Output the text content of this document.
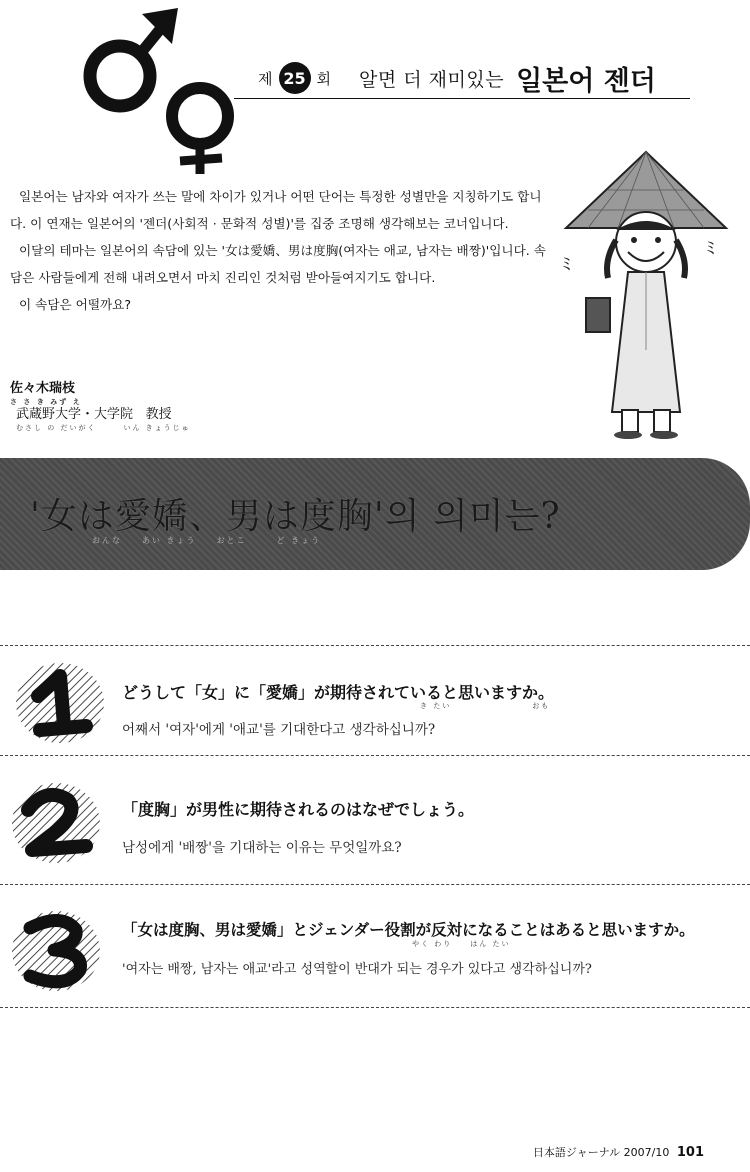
제 25 회 알면 더 재미있는 일본어 젠더

일본어는 남자와 여자가 쓰는 말에 차이가 있거나 어떤 단어는 특정한 성별만을 지칭하기도 합니다. 이 연재는 일본어의 '젠더(사회적 · 문화적 성별)'를 집중 조명해 생각해보는 코너입니다.

이달의 테마는 일본어의 속담에 있는 '女は愛嬌、男は度胸(여자는 애교, 남자는 배짱)'입니다. 속담은 사람들에게 전해 내려오면서 마치 진리인 것처럼 받아들여지기도 합니다.

이 속담은 어떨까요?

佐々木瑞枝
さ さ き みず え
武蔵野大学・大学院
むさし の だいがく　　　いん
教授
きょうじゅ
ﾐ
ﾐ
'女は愛嬌、男は度胸'의 의미는?
おんな　　あい きょう　　おとこ　　　ど きょう
どうして「女」に「愛嬌」が期待されていると思いますか。
き たい　　　　　　　　　おも
어째서 '여자'에게 '애교'를 기대한다고 생각하십니까?
「度胸」が男性に期待されるのはなぜでしょう。
남성에게 '배짱'을 기대하는 이유는 무엇일까요?
「女は度胸、男は愛嬌」とジェンダー役割が反対になることはあると思いますか。
やく わり　　はん たい
'여자는 배짱, 남자는 애교'라고 성역할이 반대가 되는 경우가 있다고 생각하십니까?
日本語ジャーナル 2007/10 101
